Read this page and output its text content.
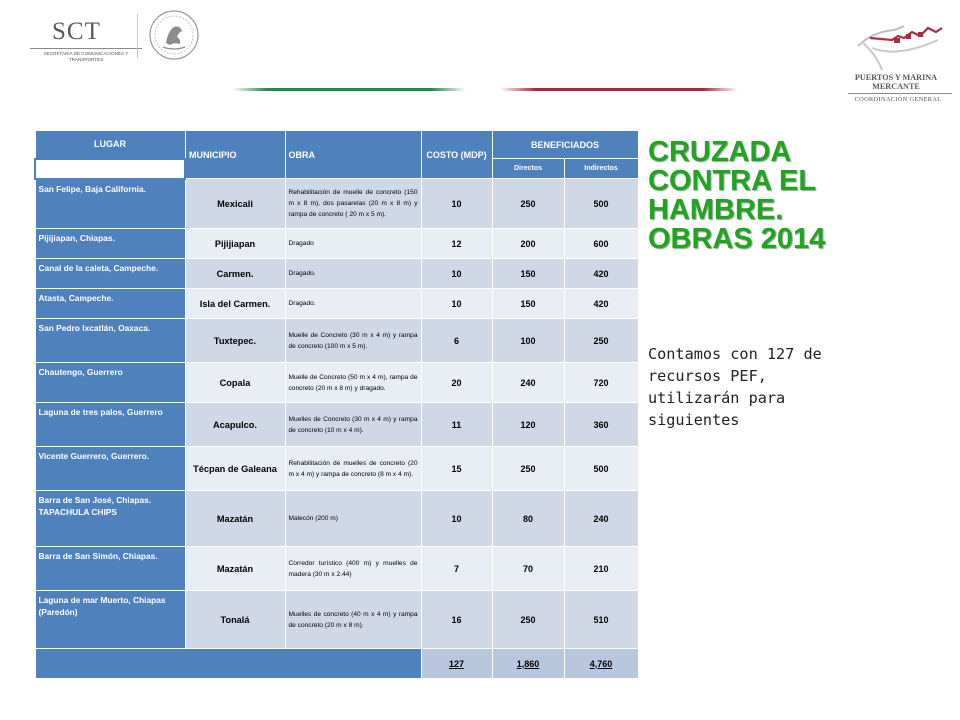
SCT
SECRETARÍA DE COMUNICACIONES Y TRANSPORTES
PUERTOS Y MARINA MERCANTE
COORDINACIÓN GENERAL
LUGAR	MUNICIPIO	OBRA	COSTO (MDP)	BENEFICIADOS	
				Directos	Indirectos
San Felipe, Baja California.	Mexicali	Rehabilitación de muelle de concreto (150 m x 8 m), dos pasarelas (20 m x 8 m) y rampa de concreto ( 20 m x 5 m).	10	250	500
Pijijiapan, Chiapas.	Pijijiapan	Dragado	12	200	600
Canal de la caleta, Campeche.	Carmen.	Dragado.	10	150	420
Atasta, Campeche.	Isla del Carmen.	Dragado.	10	150	420
San Pedro Ixcatlán, Oaxaca.	Tuxtepec.	Muelle de Concreto (30 m x 4 m) y rampa de concreto (100 m x 5 m).	6	100	250
Chautengo, Guerrero	Copala	Muelle de Concreto (50 m x 4 m), rampa de concreto (20 m x 8 m) y dragado.	20	240	720
Laguna de tres palos, Guerrero	Acapulco.	Muelles de Concreto (30 m x 4 m) y rampa de concreto (10 m x 4 m).	11	120	360
Vicente Guerrero, Guerrero.	Técpan de Galeana	Rehabilitación de muelles de concreto (20 m x 4 m) y rampa de concreto (8 m x 4 m).	15	250	500
Barra de San José, Chiapas. TAPACHULA CHIPS	Mazatán	Malecón (200 m)	10	80	240
Barra de San Simón, Chiapas.	Mazatán	Corredor turístico (400 m) y muelles de madera (30 m x 2.44)	7	70	210
Laguna de mar Muerto, Chiapas (Paredón)	Tonalá	Muelles de concreto (40 m x 4 m) y rampa de concreto (20 m x 8 m).	16	250	510
			127	1,860	4,760
CRUZADA CONTRA EL HAMBRE. OBRAS 2014
Contamos con 127 de recursos PEF, utilizarán para siguientes
